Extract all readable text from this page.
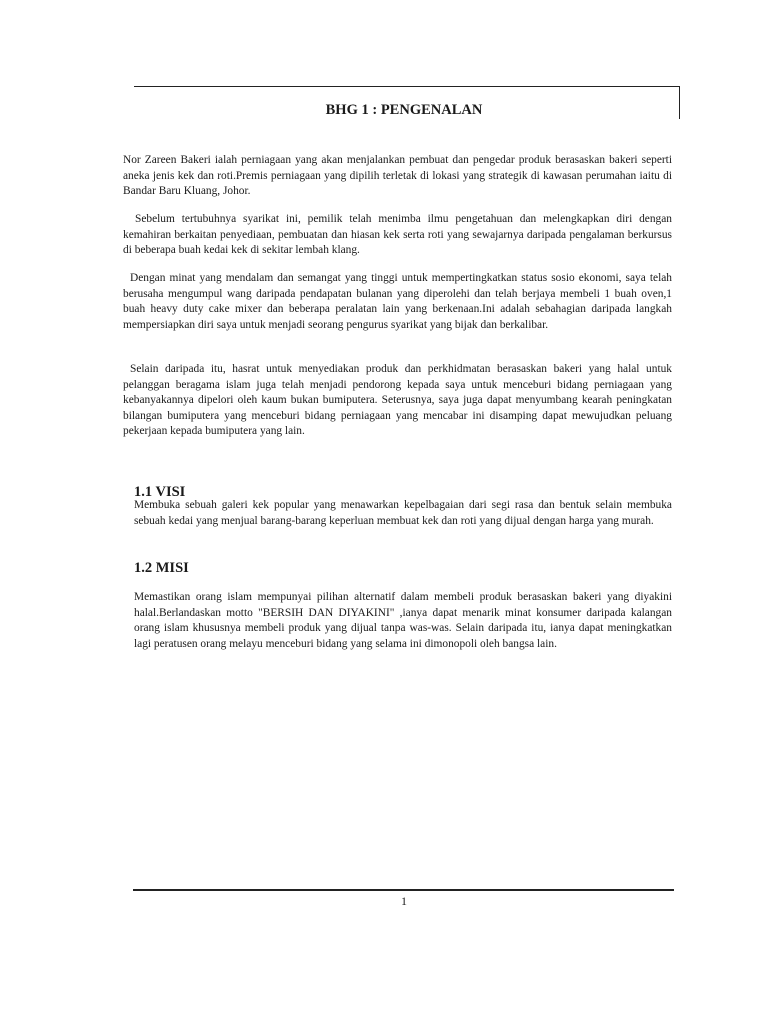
BHG 1 : PENGENALAN

Nor Zareen Bakeri ialah perniagaan yang akan menjalankan pembuat dan pengedar produk berasaskan bakeri seperti aneka jenis kek dan roti.Premis perniagaan yang dipilih terletak di lokasi yang strategik di kawasan perumahan iaitu di Bandar Baru Kluang, Johor.

Sebelum tertubuhnya syarikat ini, pemilik telah menimba ilmu pengetahuan dan melengkapkan diri dengan kemahiran berkaitan penyediaan, pembuatan dan hiasan kek serta roti yang sewajarnya daripada pengalaman berkursus di beberapa buah kedai kek di sekitar lembah klang.

Dengan minat yang mendalam dan semangat yang tinggi untuk mempertingkatkan status sosio ekonomi, saya telah berusaha mengumpul wang daripada pendapatan bulanan yang diperolehi dan telah berjaya membeli 1 buah oven,1 buah heavy duty cake mixer dan beberapa peralatan lain yang berkenaan.Ini adalah sebahagian daripada langkah mempersiapkan diri saya untuk menjadi seorang pengurus syarikat yang bijak dan berkalibar.

Selain daripada itu, hasrat untuk menyediakan produk dan perkhidmatan berasaskan bakeri yang halal untuk pelanggan beragama islam juga telah menjadi pendorong kepada saya untuk menceburi bidang perniagaan yang kebanyakannya dipelori oleh kaum bukan bumiputera. Seterusnya, saya juga dapat menyumbang kearah peningkatan bilangan bumiputera yang menceburi bidang perniagaan yang mencabar ini disamping dapat mewujudkan peluang pekerjaan kepada bumiputera yang lain.

1.1 VISI

Membuka sebuah galeri kek popular yang menawarkan kepelbagaian dari segi rasa dan bentuk selain membuka sebuah kedai yang menjual barang-barang keperluan membuat kek dan roti yang dijual dengan harga yang murah.

1.2 MISI

Memastikan orang islam mempunyai pilihan alternatif dalam membeli produk berasaskan bakeri yang diyakini halal.Berlandaskan motto "BERSIH DAN DIYAKINI" ,ianya dapat menarik minat konsumer daripada kalangan orang islam khususnya membeli produk yang dijual tanpa was-was. Selain daripada itu, ianya dapat meningkatkan lagi peratusen orang melayu menceburi bidang yang selama ini dimonopoli oleh bangsa lain.

1
